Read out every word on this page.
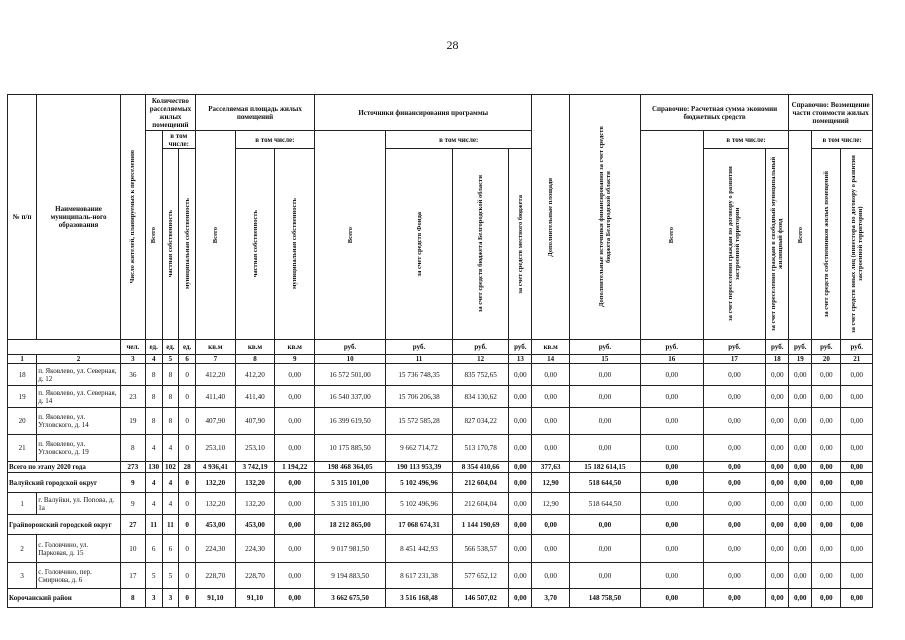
28
№ п/п	Наименование муниципаль-ного образования	Число жителей, планируемых к переселению	Количество расселяемых жилых помещений			Расселяемая площадь жилых помещений			Источники финансирования программы				Дополнительные площади	Дополнительные источники финансирования за счет средств бюджета Белгородской области	Справочно: Расчетная сумма экономии бюджетных средств			Справочно: Возмещение части стоимости жилых помещений		

			Всего	в том числе:		Всего	в том числе:		Всего	в том числе:					Всего	в том числе:		Всего	в том числе:	

				частная собственность	муниципальная собственность		частная собственность	муниципальная собственность		за счет средств Фонда	за счет средств бюджета Белгородской области	за счет средств местного бюджета				за счет переселения граждан по договору о развитии застроенной территории	за счет переселения граждан в свободный муниципальный жилищный фонд		за счет средств собственников жилых помещений	за счет средств иных лиц (инвестора по договору о развитии застроенной территории)

		чел.	ед.	ед.	ед.	кв.м	кв.м	кв.м	руб.	руб.	руб.	руб.	кв.м	руб.	руб.	руб.	руб.	руб.	руб.	руб.
1	2	3	4	5	6	7	8	9	10	11	12	13	14	15	16	17	18	19	20	21
18	п. Яковлево, ул. Северная, д. 12	36	8	8	0	412,20	412,20	0,00	16 572 501,00	15 736 748,35	835 752,65	0,00	0,00	0,00	0,00	0,00	0,00	0,00	0,00	0,00
19	п. Яковлево, ул. Северная, д. 14	23	8	8	0	411,40	411,40	0,00	16 540 337,00	15 706 206,38	834 130,62	0,00	0,00	0,00	0,00	0,00	0,00	0,00	0,00	0,00
20	п. Яковлево, ул. Угловского, д. 14	19	8	8	0	407,90	407,90	0,00	16 399 619,50	15 572 585,28	827 034,22	0,00	0,00	0,00	0,00	0,00	0,00	0,00	0,00	0,00
21	п. Яковлево, ул. Угловского, д. 19	8	4	4	0	253,10	253,10	0,00	10 175 885,50	9 662 714,72	513 170,78	0,00	0,00	0,00	0,00	0,00	0,00	0,00	0,00	0,00
Всего по этапу 2020 года		273	130	102	28	4 936,41	3 742,19	1 194,22	198 468 364,05	190 113 953,39	8 354 410,66	0,00	377,63	15 182 614,15	0,00	0,00	0,00	0,00	0,00	0,00
Валуйский городской округ		9	4	4	0	132,20	132,20	0,00	5 315 101,00	5 102 496,96	212 604,04	0,00	12,90	518 644,50	0,00	0,00	0,00	0,00	0,00	0,00
1	г. Валуйки, ул. Попова, д. 1а	9	4	4	0	132,20	132,20	0,00	5 315 101,00	5 102 496,96	212 604,04	0,00	12,90	518 644,50	0,00	0,00	0,00	0,00	0,00	0,00
Грайворонский городской округ		27	11	11	0	453,00	453,00	0,00	18 212 865,00	17 068 674,31	1 144 190,69	0,00	0,00	0,00	0,00	0,00	0,00	0,00	0,00	0,00
2	с. Головчино, ул. Парковая, д. 15	10	6	6	0	224,30	224,30	0,00	9 017 981,50	8 451 442,93	566 538,57	0,00	0,00	0,00	0,00	0,00	0,00	0,00	0,00	0,00
3	с. Головчино, пер. Смирнова, д. 6	17	5	5	0	228,70	228,70	0,00	9 194 883,50	8 617 231,38	577 652,12	0,00	0,00	0,00	0,00	0,00	0,00	0,00	0,00	0,00
Корочанский район		8	3	3	0	91,10	91,10	0,00	3 662 675,50	3 516 168,48	146 507,02	0,00	3,70	148 758,50	0,00	0,00	0,00	0,00	0,00	0,00
